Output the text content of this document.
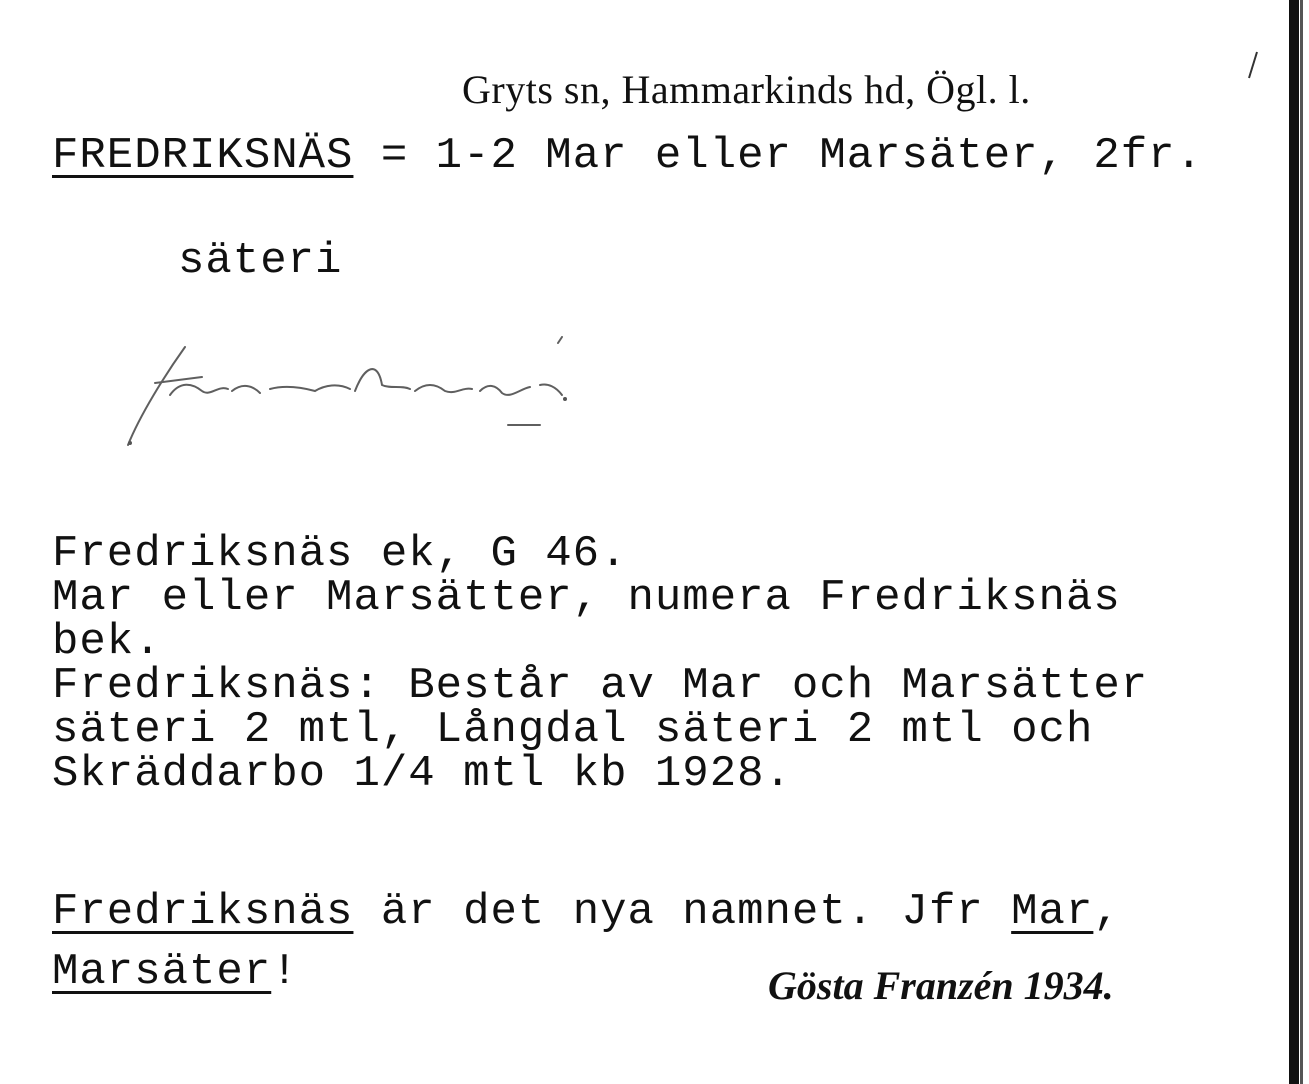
Gryts sn, Hammarkinds hd, Ögl. l.
FREDRIKSNÄS = 1-2 Mar eller Marsäter, 2fr.
säteri
Fredriksnäs ek, G 46.
Mar eller Marsätter, numera Fredriksnäs
bek.
Fredriksnäs: Består av Mar och Marsätter
säteri 2 mtl, Långdal säteri 2 mtl och
Skräddarbo 1/4 mtl kb 1928.
Fredriksnäs är det nya namnet. Jfr Mar,
Marsäter!	Gösta Franzén 1934.
